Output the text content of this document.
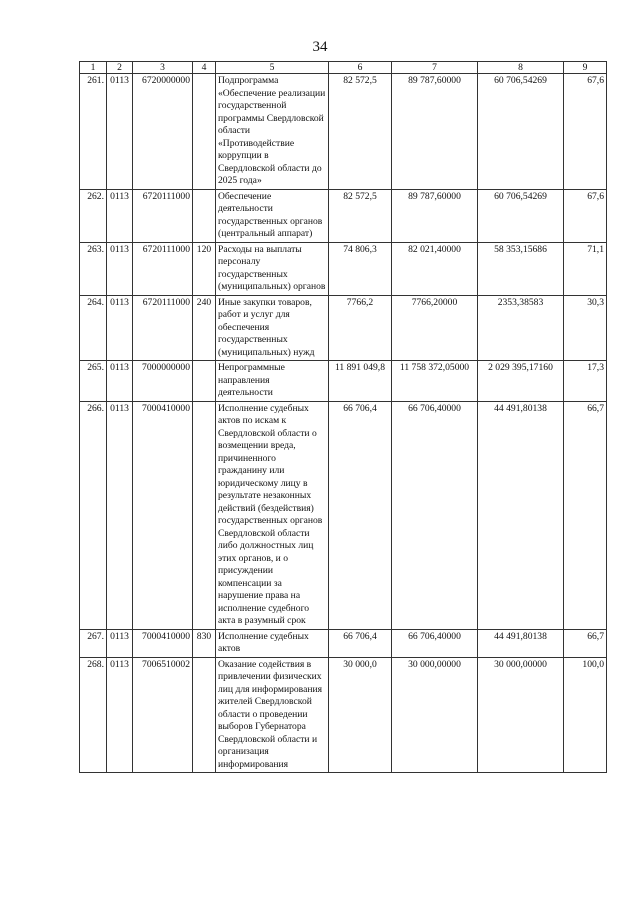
34
1	2	3	4	5	6	7	8	9
261.	0113	6720000000		Подпрограмма «Обеспечение реализации государственной программы Свердловской области «Противодействие коррупции в Свердловской области до 2025 года»	82 572,5	89 787,60000	60 706,54269	67,6
262.	0113	6720111000		Обеспечение деятельности государственных органов (центральный аппарат)	82 572,5	89 787,60000	60 706,54269	67,6
263.	0113	6720111000	120	Расходы на выплаты персоналу государственных (муниципальных) органов	74 806,3	82 021,40000	58 353,15686	71,1
264.	0113	6720111000	240	Иные закупки товаров, работ и услуг для обеспечения государственных (муниципальных) нужд	7766,2	7766,20000	2353,38583	30,3
265.	0113	7000000000		Непрограммные направления деятельности	11 891 049,8	11 758 372,05000	2 029 395,17160	17,3
266.	0113	7000410000		Исполнение судебных актов по искам к Свердловской области о возмещении вреда, причиненного гражданину или юридическому лицу в результате незаконных действий (бездействия) государственных органов Свердловской области либо должностных лиц этих органов, и о присуждении компенсации за нарушение права на исполнение судебного акта в разумный срок	66 706,4	66 706,40000	44 491,80138	66,7
267.	0113	7000410000	830	Исполнение судебных актов	66 706,4	66 706,40000	44 491,80138	66,7
268.	0113	7006510002		Оказание содействия в привлечении физических лиц для информирования жителей Свердловской области о проведении выборов Губернатора Свердловской области и организация информирования	30 000,0	30 000,00000	30 000,00000	100,0
